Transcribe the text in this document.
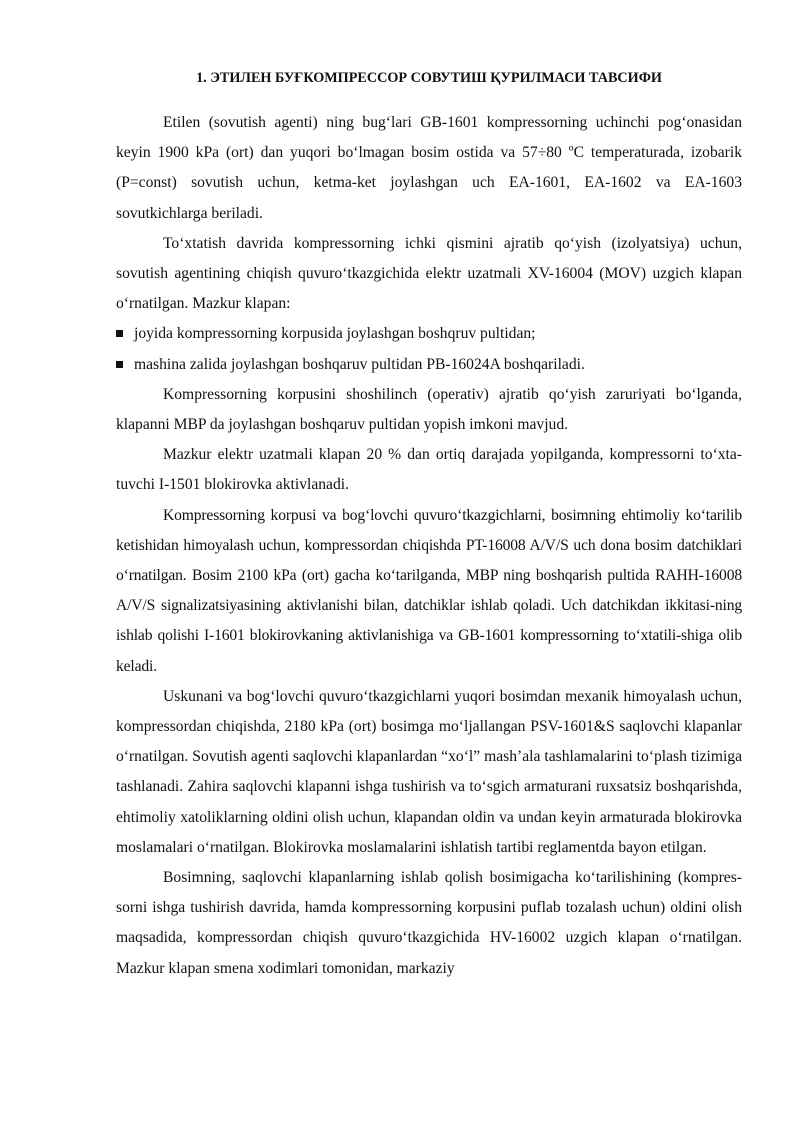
1. ЭТИЛЕН БУҒКОМПРЕССОР СОВУТИШ ҚУРИЛМАСИ ТАВСИФИ

Etilen (sovutish agenti) ning bug‘lari GB-1601 kompressorning uchinchi pog‘onasidan keyin 1900 kPa (ort) dan yuqori bo‘lmagan bosim ostida va 57÷80 ºC temperaturada, izobarik (P=const) sovutish uchun, ketma-ket joylashgan uch EA-1601, EA-1602 va EA-1603 sovutkichlarga beriladi.

To‘xtatish davrida kompressorning ichki qismini ajratib qo‘yish (izolyatsiya) uchun, sovutish agentining chiqish quvuro‘tkazgichida elektr uzatmali XV-16004 (MOV) uzgich klapan o‘rnatilgan. Mazkur klapan:

joyida kompressorning korpusida joylashgan boshqruv pultidan;
mashina zalida joylashgan boshqaruv pultidan PB-16024A boshqariladi.

Kompressorning korpusini shoshilinch (operativ) ajratib qo‘yish zaruriyati bo‘lganda, klapanni MBP da joylashgan boshqaruv pultidan yopish imkoni mavjud.

Mazkur elektr uzatmali klapan 20 % dan ortiq darajada yopilganda, kompressorni to‘xta-tuvchi I-1501 blokirovka aktivlanadi.

Kompressorning korpusi va bog‘lovchi quvuro‘tkazgichlarni, bosimning ehtimoliy ko‘tarilib ketishidan himoyalash uchun, kompressordan chiqishda PT-16008 A/V/S uch dona bosim datchiklari o‘rnatilgan. Bosim 2100 kPa (ort) gacha ko‘tarilganda, MBP ning boshqarish pultida RAHH-16008 A/V/S signalizatsiyasining aktivlanishi bilan, datchiklar ishlab qoladi. Uch datchikdan ikkitasi-ning ishlab qolishi I-1601 blokirovkaning aktivlanishiga va GB-1601 kompressorning to‘xtatili-shiga olib keladi.

Uskunani va bog‘lovchi quvuro‘tkazgichlarni yuqori bosimdan mexanik himoyalash uchun, kompressordan chiqishda, 2180 kPa (ort) bosimga mo‘ljallangan PSV-1601&S saqlovchi klapanlar o‘rnatilgan. Sovutish agenti saqlovchi klapanlardan “xo‘l” mash’ala tashlamalarini to‘plash tizimiga tashlanadi. Zahira saqlovchi klapanni ishga tushirish va to‘sgich armaturani ruxsatsiz boshqarishda, ehtimoliy xatoliklarning oldini olish uchun, klapandan oldin va undan keyin armaturada blokirovka moslamalari o‘rnatilgan. Blokirovka moslamalarini ishlatish tartibi reglamentda bayon etilgan.

Bosimning, saqlovchi klapanlarning ishlab qolish bosimigacha ko‘tarilishining (kompres-sorni ishga tushirish davrida, hamda kompressorning korpusini puflab tozalash uchun) oldini olish maqsadida, kompressordan chiqish quvuro‘tkazgichida HV-16002 uzgich klapan o‘rnatilgan. Mazkur klapan smena xodimlari tomonidan, markaziy
